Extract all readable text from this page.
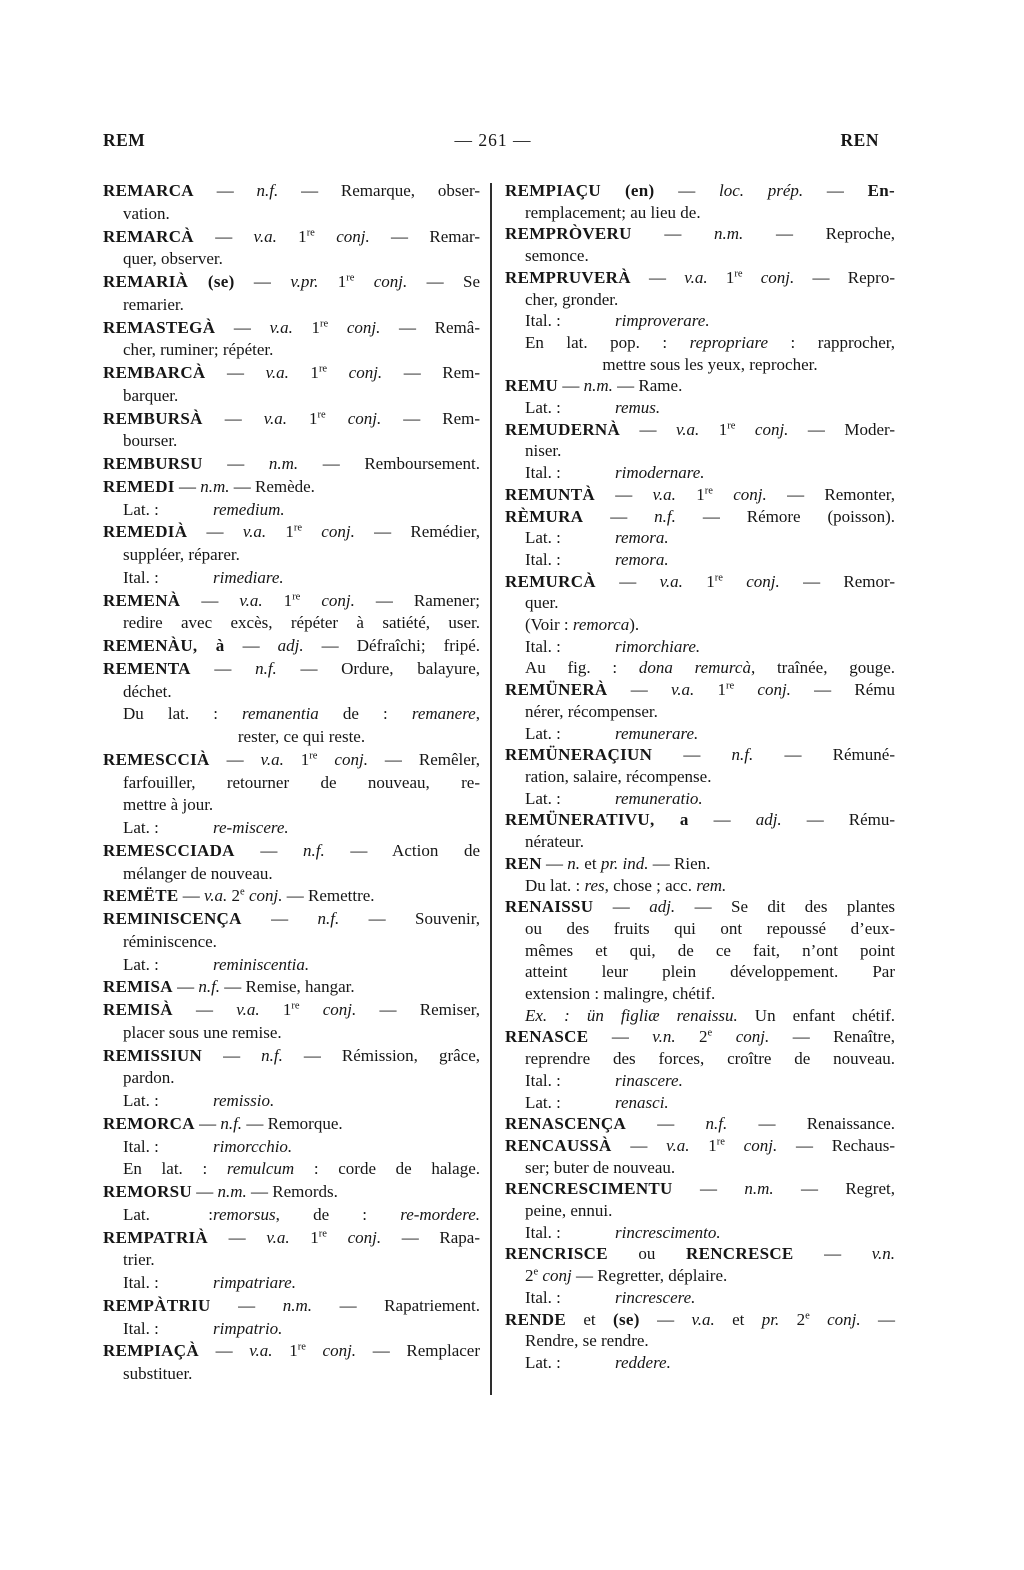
REM	— 261 —	REN
REMARCA — n.f. — Remarque, obser-
vation.
REMARCÀ — v.a. 1re conj. — Remar-
quer, observer.
REMARIÀ (se) — v.pr. 1re conj. — Se
remarier.
REMASTEGÀ — v.a. 1re conj. — Remâ-
cher, ruminer; répéter.
REMBARCÀ — v.a. 1re conj. — Rem-
barquer.
REMBURSÀ — v.a. 1re conj. — Rem-
bourser.
REMBURSU — n.m. — Remboursement.
REMEDI — n.m. — Remède.
Lat. :	remedium.
REMEDIÀ — v.a. 1re conj. — Remédier,
suppléer, réparer.
Ital. :	rimediare.
REMENÀ — v.a. 1re conj. — Ramener;
redire avec excès, répéter à satiété, user.
REMENÀU, à — adj. — Défraîchi; fripé.
REMENTA — n.f. — Ordure, balayure,
déchet.
Du lat. : remanentia de : remanere,
rester, ce qui reste.
REMESCCIÀ — v.a. 1re conj. — Remêler,
farfouiller, retourner de nouveau, re-
mettre à jour.
Lat. :	re-miscere.
REMESCCIADA — n.f. — Action de
mélanger de nouveau.
REMËTE — v.a. 2e conj. — Remettre.
REMINISCENÇA — n.f. — Souvenir,
réminiscence.
Lat. :	reminiscentia.
REMISA — n.f. — Remise, hangar.
REMISÀ — v.a. 1re conj. — Remiser,
placer sous une remise.
REMISSIUN — n.f. — Rémission, grâce,
pardon.
Lat. :	remissio.
REMORCA — n.f. — Remorque.
Ital. :	rimorcchio.
En lat. : remulcum : corde de halage.
REMORSU — n.m. — Remords.
Lat. :remorsus, de : re-mordere.
REMPATRIÀ — v.a. 1re conj. — Rapa-
trier.
Ital. :	rimpatriare.
REMPÀTRIU — n.m. — Rapatriement.
Ital. :	rimpatrio.
REMPIAÇÀ — v.a. 1re conj. — Remplacer
substituer.
REMPIAÇU (en) — loc. prép. — En-
remplacement; au lieu de.
REMPRÒVERU — n.m. — Reproche,
semonce.
REMPRUVERÀ — v.a. 1re conj. — Repro-
cher, gronder.
Ital. :	rimproverare.
En lat. pop. : repropriare : rapprocher,
mettre sous les yeux, reprocher.
REMU — n.m. — Rame.
Lat. :	remus.
REMUDERNÀ — v.a. 1re conj. — Moder-
niser.
Ital. :	rimodernare.
REMUNTÀ — v.a. 1re conj. — Remonter,
RÈMURA — n.f. — Rémore (poisson).
Lat. :	remora.
Ital. :	remora.
REMURCÀ — v.a. 1re conj. — Remor-
quer.
(Voir : remorca).
Ital. :	rimorchiare.
Au fig. : dona remurcà, traînée, gouge.
REMÜNERÀ — v.a. 1re conj. — Rému
nérer, récompenser.
Lat. :	remunerare.
REMÜNERAÇIUN — n.f. — Rémuné-
ration, salaire, récompense.
Lat. :	remuneratio.
REMÜNERATIVU, a — adj. — Rému-
nérateur.
REN — n. et pr. ind. — Rien.
Du lat. : res, chose ; acc. rem.
RENAISSU — adj. — Se dit des plantes
ou des fruits qui ont repoussé d’eux-
mêmes et qui, de ce fait, n’ont point
atteint leur plein développement. Par
extension : malingre, chétif.
Ex. : ün figliæ renaissu. Un enfant chétif.
RENASCE — v.n. 2e conj. — Renaître,
reprendre des forces, croître de nouveau.
Ital. :	rinascere.
Lat. :	renasci.
RENASCENÇA — n.f. — Renaissance.
RENCAUSSÀ — v.a. 1re conj. — Rechaus-
ser; buter de nouveau.
RENCRESCIMENTU — n.m. — Regret,
peine, ennui.
Ital. :	rincrescimento.
RENCRISCE ou RENCRESCE — v.n.
2e conj — Regretter, déplaire.
Ital. :	rincrescere.
RENDE et (se) — v.a. et pr. 2e conj. —
Rendre, se rendre.
Lat. :	reddere.
